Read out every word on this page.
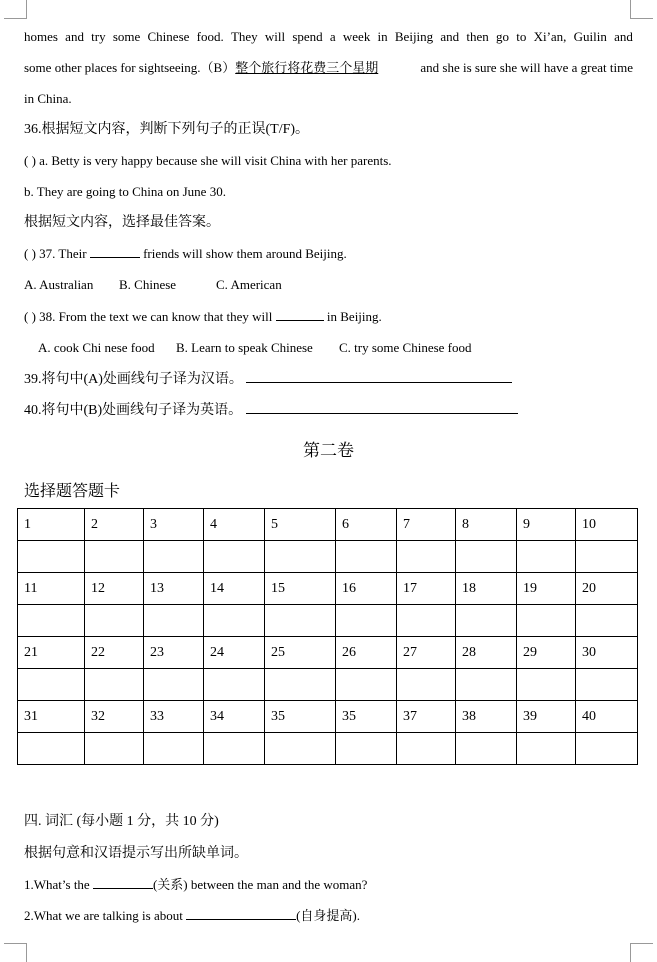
homes and try some Chinese food. They will spend a week in Beijing and then go to Xi’an, Guilin and
some other places for sightseeing.（B）整个旅行将花费三个星期	and she is sure she will have a great time
in China.
36.根据短文内容，判断下列句子的正误(T/F)。
( ) a. Betty is very happy because she will visit China with her parents.
b. They are going to China on June 30.
根据短文内容，选择最佳答案。
( ) 37. Their	friends will show them around Beijing.
A. Australian B. Chinese	C. American
( ) 38. From the text we can know that they will	in Beijing.
A. cook Chi nese food B. Learn to speak Chinese C. try some Chinese food
39.将句中(A)处画线句子译为汉语。
40.将句中(B)处画线句子译为英语。
第二卷
选择题答题卡
1	2	3	4	5	6	7	8	9	10

11	12	13	14	15	16	17	18	19	20

21	22	23	24	25	26	27	28	29	30

31	32	33	34	35	35	37	38	39	40

四. 词汇 (每小题 1 分，共 10 分)
根据句意和汉语提示写出所缺单词。
1.What’s the	(关系) between the man and the woman?
2.What we are talking is about	(自身提高).
